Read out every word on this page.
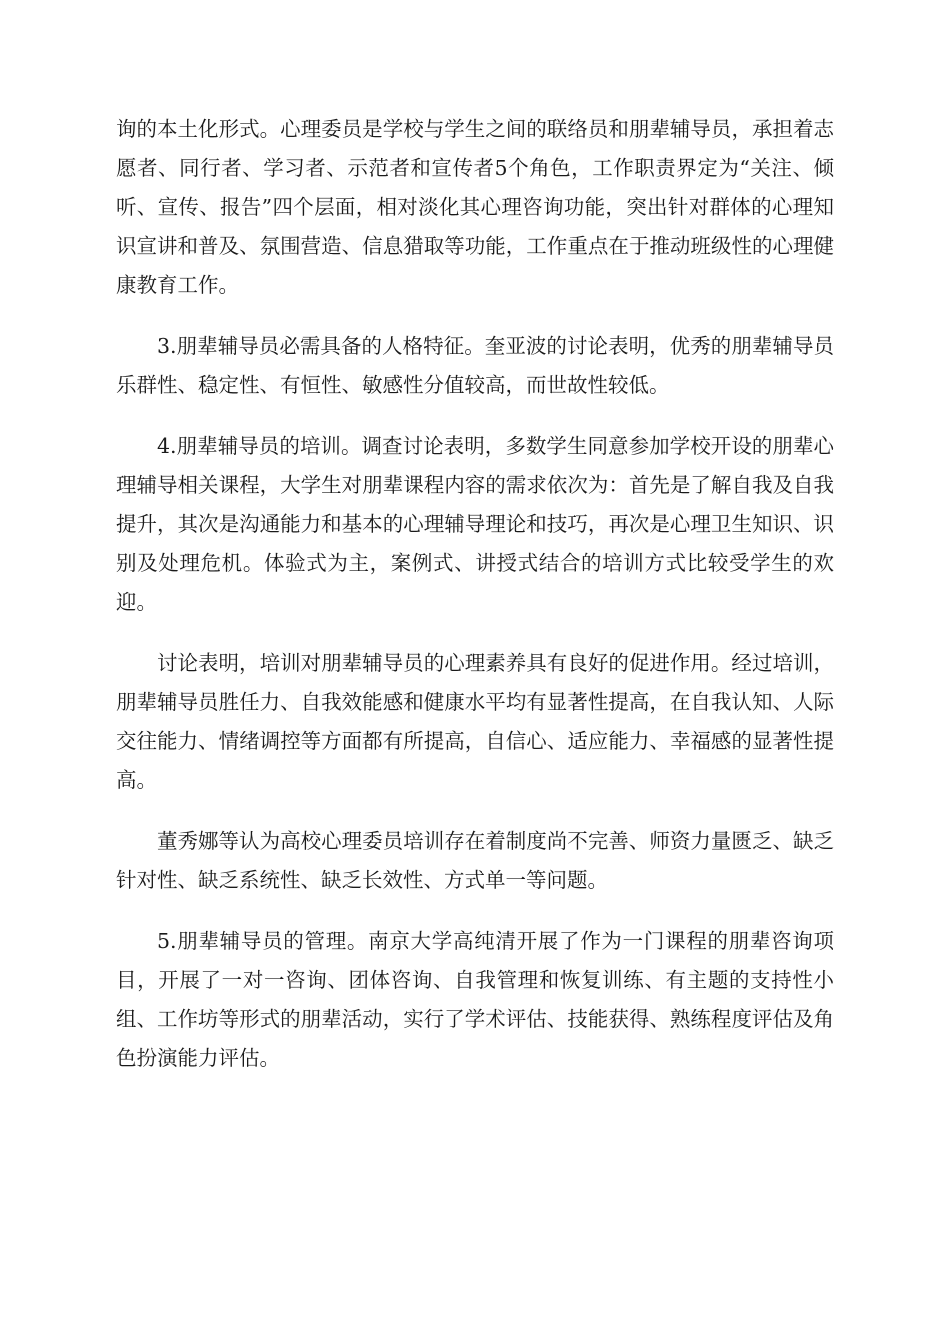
询的本土化形式。心理委员是学校与学生之间的联络员和朋辈辅导员，承担着志愿者、同行者、学习者、示范者和宣传者5个角色，工作职责界定为“关注、倾听、宣传、报告”四个层面，相对淡化其心理咨询功能，突出针对群体的心理知识宣讲和普及、氛围营造、信息猎取等功能，工作重点在于推动班级性的心理健康教育工作。

3.朋辈辅导员必需具备的人格特征。奎亚波的讨论表明，优秀的朋辈辅导员乐群性、稳定性、有恒性、敏感性分值较高，而世故性较低。

4.朋辈辅导员的培训。调查讨论表明，多数学生同意参加学校开设的朋辈心理辅导相关课程，大学生对朋辈课程内容的需求依次为：首先是了解自我及自我提升，其次是沟通能力和基本的心理辅导理论和技巧，再次是心理卫生知识、识别及处理危机。体验式为主，案例式、讲授式结合的培训方式比较受学生的欢迎。

讨论表明，培训对朋辈辅导员的心理素养具有良好的促进作用。经过培训，朋辈辅导员胜任力、自我效能感和健康水平均有显著性提高，在自我认知、人际交往能力、情绪调控等方面都有所提高，自信心、适应能力、幸福感的显著性提高。

董秀娜等认为高校心理委员培训存在着制度尚不完善、师资力量匮乏、缺乏针对性、缺乏系统性、缺乏长效性、方式单一等问题。

5.朋辈辅导员的管理。南京大学高纯清开展了作为一门课程的朋辈咨询项目，开展了一对一咨询、团体咨询、自我管理和恢复训练、有主题的支持性小组、工作坊等形式的朋辈活动，实行了学术评估、技能获得、熟练程度评估及角色扮演能力评估。
